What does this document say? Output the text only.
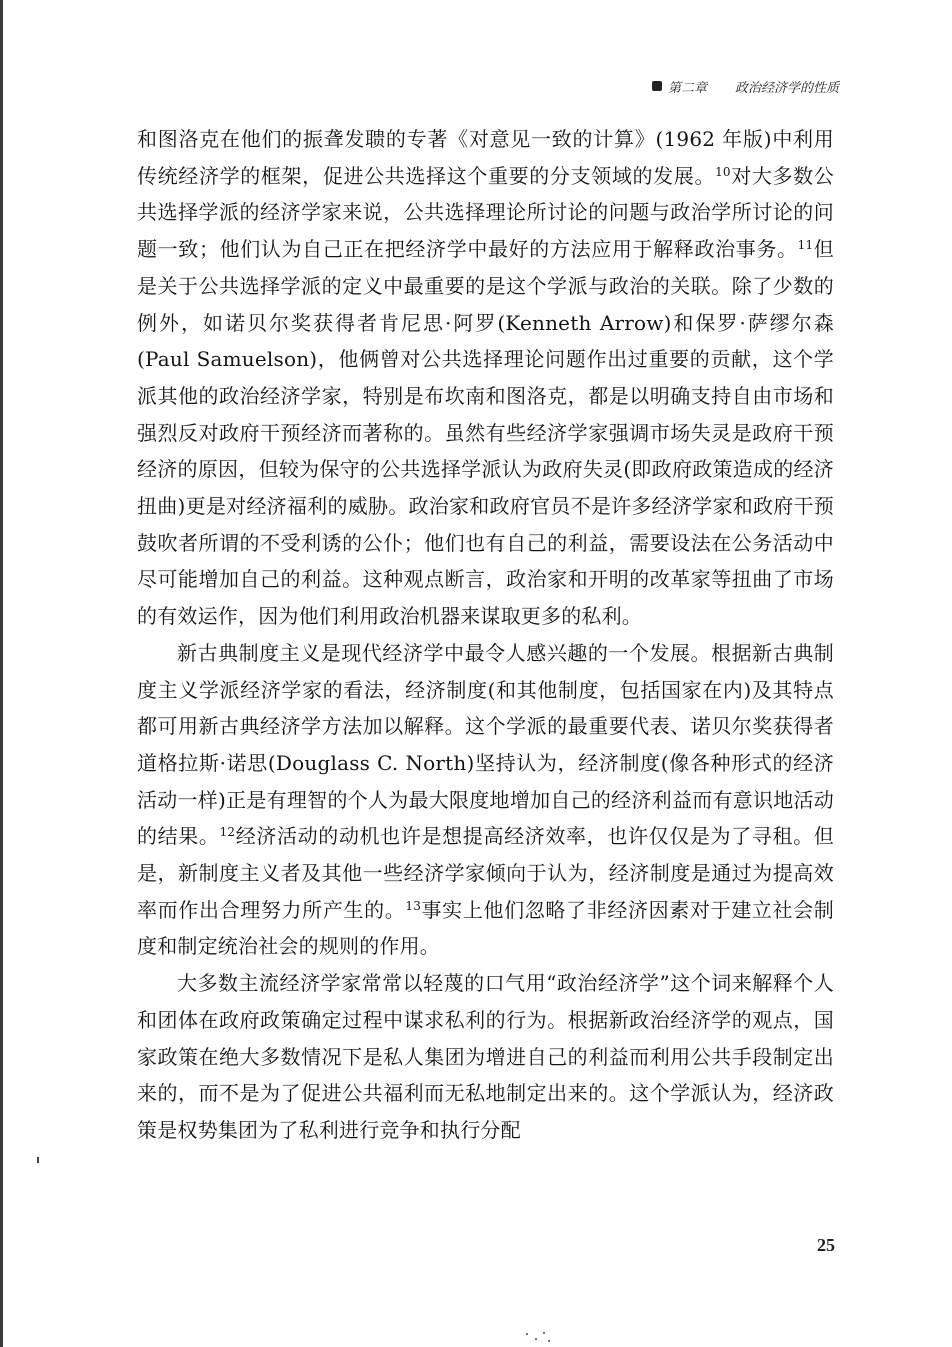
第二章 政治经济学的性质

和图洛克在他们的振聋发聩的专著《对意见一致的计算》(1962 年版)中利用传统经济学的框架，促进公共选择这个重要的分支领域的发展。$^{10}$对大多数公共选择学派的经济学家来说，公共选择理论所讨论的问题与政治学所讨论的问题一致；他们认为自己正在把经济学中最好的方法应用于解释政治事务。$^{11}$但是关于公共选择学派的定义中最重要的是这个学派与政治的关联。除了少数的例外，如诺贝尔奖获得者肯尼思·阿罗(Kenneth Arrow)和保罗·萨缪尔森(Paul Samuelson)，他俩曾对公共选择理论问题作出过重要的贡献，这个学派其他的政治经济学家，特别是布坎南和图洛克，都是以明确支持自由市场和强烈反对政府干预经济而著称的。虽然有些经济学家强调市场失灵是政府干预经济的原因，但较为保守的公共选择学派认为政府失灵(即政府政策造成的经济扭曲)更是对经济福利的威胁。政治家和政府官员不是许多经济学家和政府干预鼓吹者所谓的不受利诱的公仆；他们也有自己的利益，需要设法在公务活动中尽可能增加自己的利益。这种观点断言，政治家和开明的改革家等扭曲了市场的有效运作，因为他们利用政治机器来谋取更多的私利。

新古典制度主义是现代经济学中最令人感兴趣的一个发展。根据新古典制度主义学派经济学家的看法，经济制度(和其他制度，包括国家在内)及其特点都可用新古典经济学方法加以解释。这个学派的最重要代表、诺贝尔奖获得者道格拉斯·诺思(Douglass C. North)坚持认为，经济制度(像各种形式的经济活动一样)正是有理智的个人为最大限度地增加自己的经济利益而有意识地活动的结果。$^{12}$经济活动的动机也许是想提高经济效率，也许仅仅是为了寻租。但是，新制度主义者及其他一些经济学家倾向于认为，经济制度是通过为提高效率而作出合理努力所产生的。$^{13}$事实上他们忽略了非经济因素对于建立社会制度和制定统治社会的规则的作用。

大多数主流经济学家常常以轻蔑的口气用“政治经济学”这个词来解释个人和团体在政府政策确定过程中谋求私利的行为。根据新政治经济学的观点，国家政策在绝大多数情况下是私人集团为增进自己的利益而利用公共手段制定出来的，而不是为了促进公共福利而无私地制定出来的。这个学派认为，经济政策是权势集团为了私利进行竞争和执行分配

25
